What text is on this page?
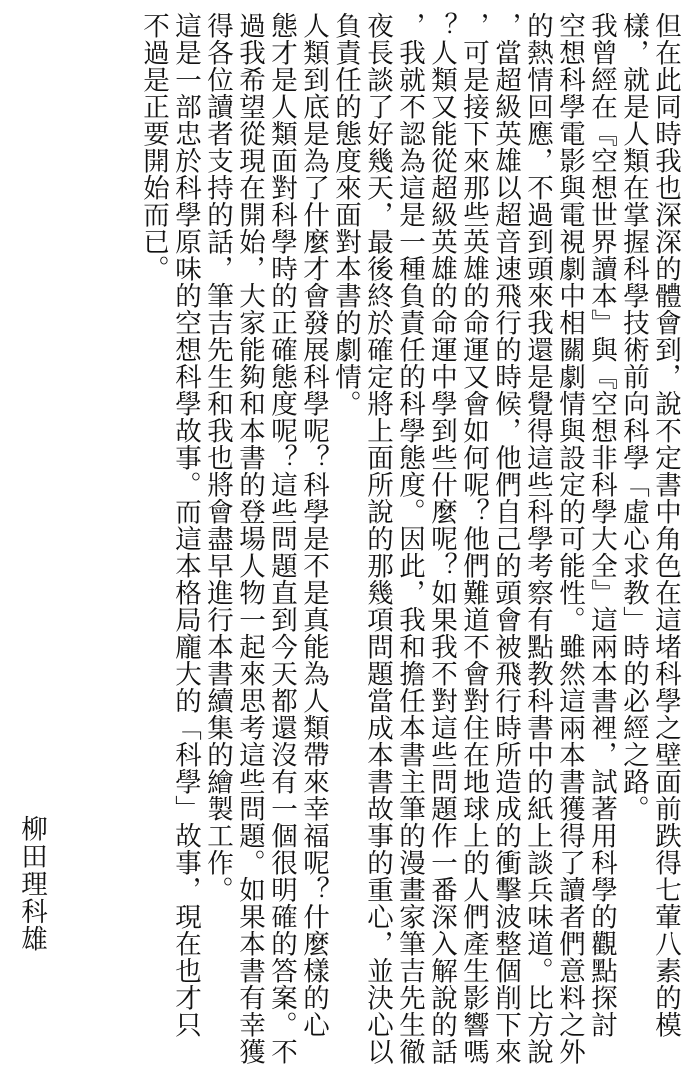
但在此同時我也深深的體會到，說不定書中角色在這堵科學之壁面前跌得七葷八素的模

樣，就是人類在掌握科學技術前向科學「虛心求教」時的必經之路。

我曾經在『空想世界讀本』與『空想非科學大全』這兩本書裡，試著用科學的觀點探討

空想科學電影與電視劇中相關劇情與設定的可能性。雖然這兩本書獲得了讀者們意料之外

的熱情回應，不過到頭來我還是覺得這些科學考察有點教科書中的紙上談兵味道。比方說

，當超級英雄以超音速飛行的時候，他們自己的頭會被飛行時所造成的衝擊波整個削下來

，可是接下來那些英雄的命運又會如何呢？他們難道不會對住在地球上的人們產生影響嗎

？人類又能從超級英雄的命運中學到些什麼呢？如果我不對這些問題作一番深入解說的話

，我就不認為這是一種負責任的科學態度。因此，我和擔任本書主筆的漫畫家筆吉先生徹

夜長談了好幾天，最後終於確定將上面所說的那幾項問題當成本書故事的重心，並決心以

負責任的態度來面對本書的劇情。

人類到底是為了什麼才會發展科學呢？科學是不是真能為人類帶來幸福呢？什麼樣的心

態才是人類面對科學時的正確態度呢？這些問題直到今天都還沒有一個很明確的答案。不

過我希望從現在開始，大家能夠和本書的登場人物一起來思考這些問題。如果本書有幸獲

得各位讀者支持的話，筆吉先生和我也將會盡早進行本書續集的繪製工作。

這是一部忠於科學原味的空想科學故事。而這本格局龐大的「科學」故事，現在也才只

不過是正要開始而已。

柳田理科雄
